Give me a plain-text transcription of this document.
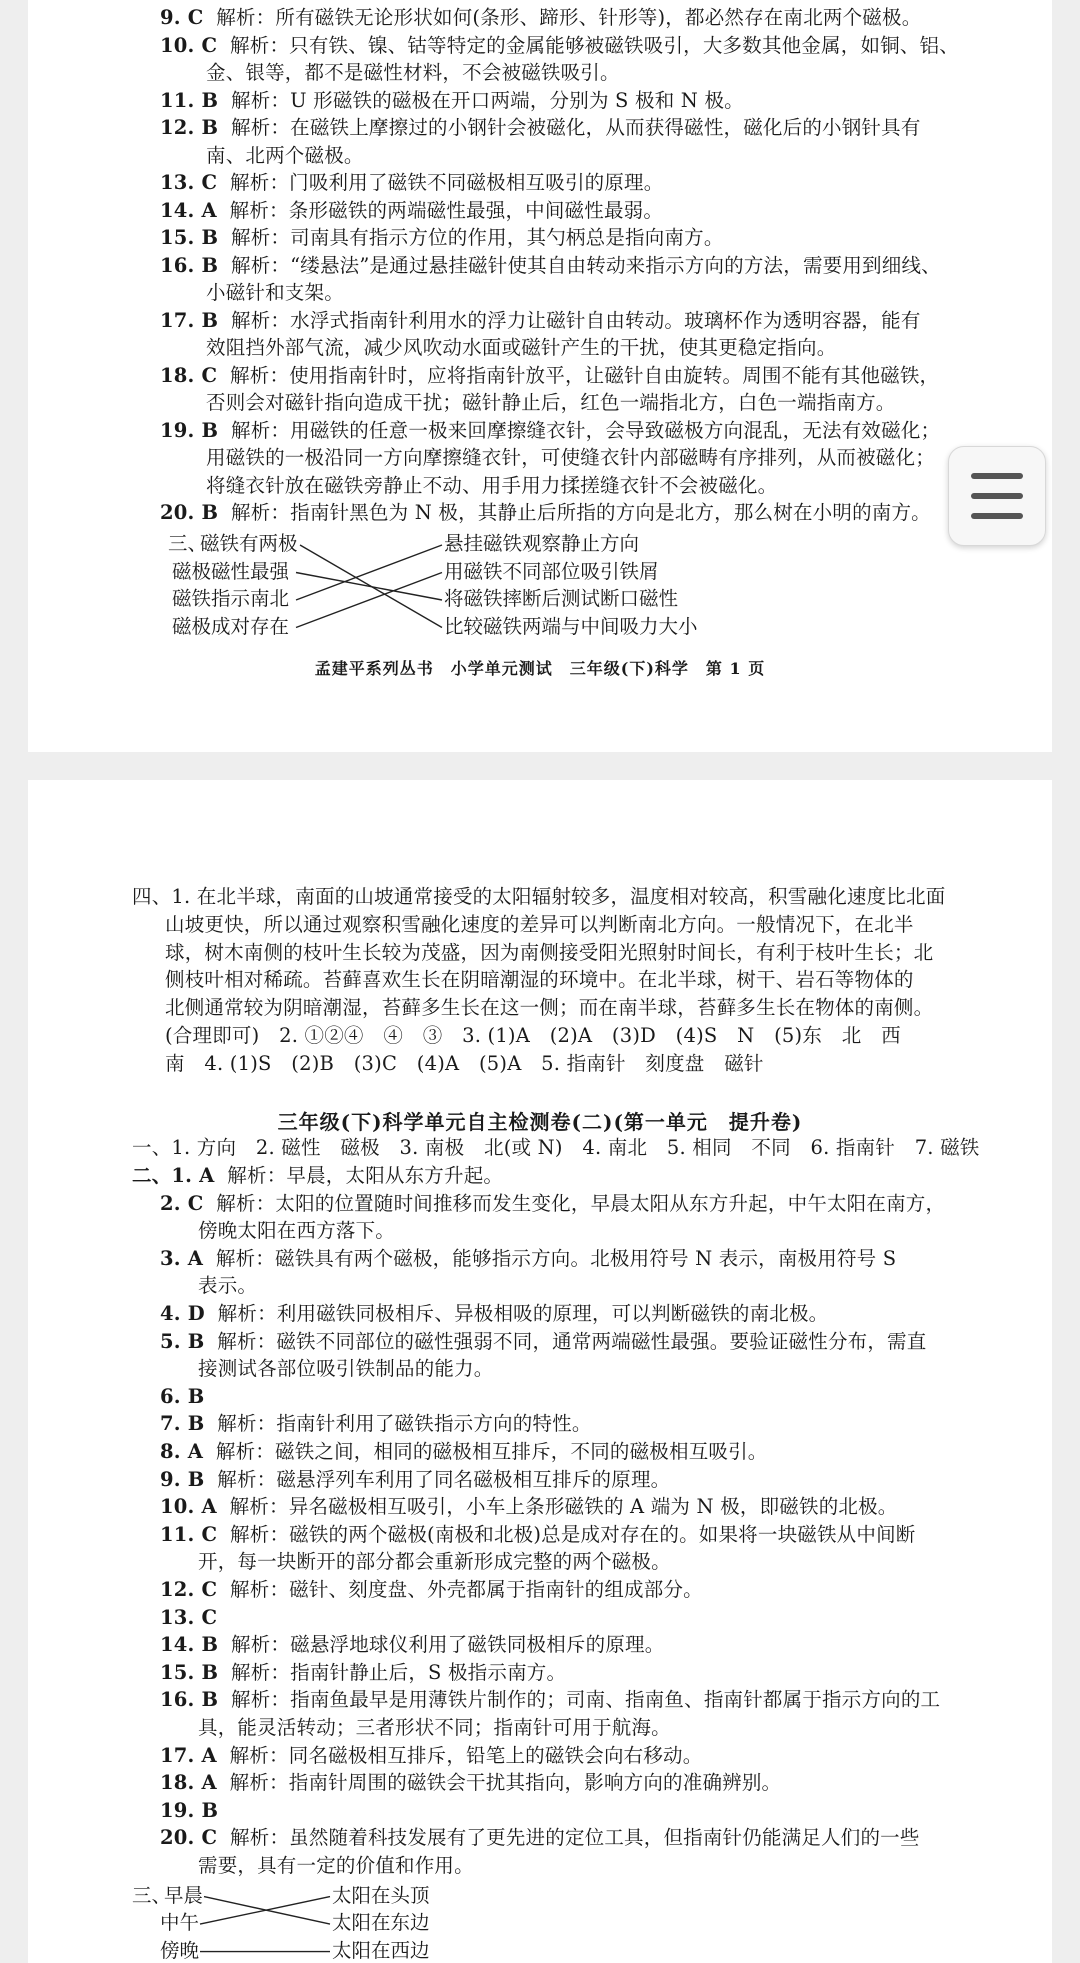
9. C 解析：所有磁铁无论形状如何(条形、蹄形、针形等)，都必然存在南北两个磁极。
10. C 解析：只有铁、镍、钴等特定的金属能够被磁铁吸引，大多数其他金属，如铜、铝、
金、银等，都不是磁性材料，不会被磁铁吸引。
11. B 解析：U 形磁铁的磁极在开口两端，分别为 S 极和 N 极。
12. B 解析：在磁铁上摩擦过的小钢针会被磁化，从而获得磁性，磁化后的小钢针具有
南、北两个磁极。
13. C 解析：门吸利用了磁铁不同磁极相互吸引的原理。
14. A 解析：条形磁铁的两端磁性最强，中间磁性最弱。
15. B 解析：司南具有指示方位的作用，其勺柄总是指向南方。
16. B 解析：“缕悬法”是通过悬挂磁针使其自由转动来指示方向的方法，需要用到细线、
小磁针和支架。
17. B 解析：水浮式指南针利用水的浮力让磁针自由转动。玻璃杯作为透明容器，能有
效阻挡外部气流，减少风吹动水面或磁针产生的干扰，使其更稳定指向。
18. C 解析：使用指南针时，应将指南针放平，让磁针自由旋转。周围不能有其他磁铁，
否则会对磁针指向造成干扰；磁针静止后，红色一端指北方，白色一端指南方。
19. B 解析：用磁铁的任意一极来回摩擦缝衣针，会导致磁极方向混乱，无法有效磁化；
用磁铁的一极沿同一方向摩擦缝衣针，可使缝衣针内部磁畴有序排列，从而被磁化；
将缝衣针放在磁铁旁静止不动、用手用力揉搓缝衣针不会被磁化。
20. B 解析：指南针黑色为 N 极，其静止后所指的方向是北方，那么树在小明的南方。
三、
磁铁有两极
磁极磁性最强
磁铁指示南北
磁极成对存在
悬挂磁铁观察静止方向
用磁铁不同部位吸引铁屑
将磁铁摔断后测试断口磁性
比较磁铁两端与中间吸力大小
孟建平系列丛书　小学单元测试　三年级(下)科学　第 1 页
四、1. 在北半球，南面的山坡通常接受的太阳辐射较多，温度相对较高，积雪融化速度比北面
山坡更快，所以通过观察积雪融化速度的差异可以判断南北方向。一般情况下，在北半
球，树木南侧的枝叶生长较为茂盛，因为南侧接受阳光照射时间长，有利于枝叶生长；北
侧枝叶相对稀疏。苔藓喜欢生长在阴暗潮湿的环境中。在北半球，树干、岩石等物体的
北侧通常较为阴暗潮湿，苔藓多生长在这一侧；而在南半球，苔藓多生长在物体的南侧。
(合理即可)　2. ①②④　④　③　3. (1)A　(2)A　(3)D　(4)S　N　(5)东　北　西
南　4. (1)S　(2)B　(3)C　(4)A　(5)A　5. 指南针　刻度盘　磁针
三年级(下)科学单元自主检测卷(二)(第一单元　提升卷)
一、1. 方向　2. 磁性　磁极　3. 南极　北(或 N)　4. 南北　5. 相同　不同　6. 指南针　7. 磁铁
二、1. A 解析：早晨，太阳从东方升起。
2. C 解析：太阳的位置随时间推移而发生变化，早晨太阳从东方升起，中午太阳在南方，
傍晚太阳在西方落下。
3. A 解析：磁铁具有两个磁极，能够指示方向。北极用符号 N 表示，南极用符号 S
表示。
4. D 解析：利用磁铁同极相斥、异极相吸的原理，可以判断磁铁的南北极。
5. B 解析：磁铁不同部位的磁性强弱不同，通常两端磁性最强。要验证磁性分布，需直
接测试各部位吸引铁制品的能力。
6. B
7. B 解析：指南针利用了磁铁指示方向的特性。
8. A 解析：磁铁之间，相同的磁极相互排斥，不同的磁极相互吸引。
9. B 解析：磁悬浮列车利用了同名磁极相互排斥的原理。
10. A 解析：异名磁极相互吸引，小车上条形磁铁的 A 端为 N 极，即磁铁的北极。
11. C 解析：磁铁的两个磁极(南极和北极)总是成对存在的。如果将一块磁铁从中间断
开，每一块断开的部分都会重新形成完整的两个磁极。
12. C 解析：磁针、刻度盘、外壳都属于指南针的组成部分。
13. C
14. B 解析：磁悬浮地球仪利用了磁铁同极相斥的原理。
15. B 解析：指南针静止后，S 极指示南方。
16. B 解析：指南鱼最早是用薄铁片制作的；司南、指南鱼、指南针都属于指示方向的工
具，能灵活转动；三者形状不同；指南针可用于航海。
17. A 解析：同名磁极相互排斥，铅笔上的磁铁会向右移动。
18. A 解析：指南针周围的磁铁会干扰其指向，影响方向的准确辨别。
19. B
20. C 解析：虽然随着科技发展有了更先进的定位工具，但指南针仍能满足人们的一些
需要，具有一定的价值和作用。
三、
早晨
中午
傍晚
太阳在头顶
太阳在东边
太阳在西边
